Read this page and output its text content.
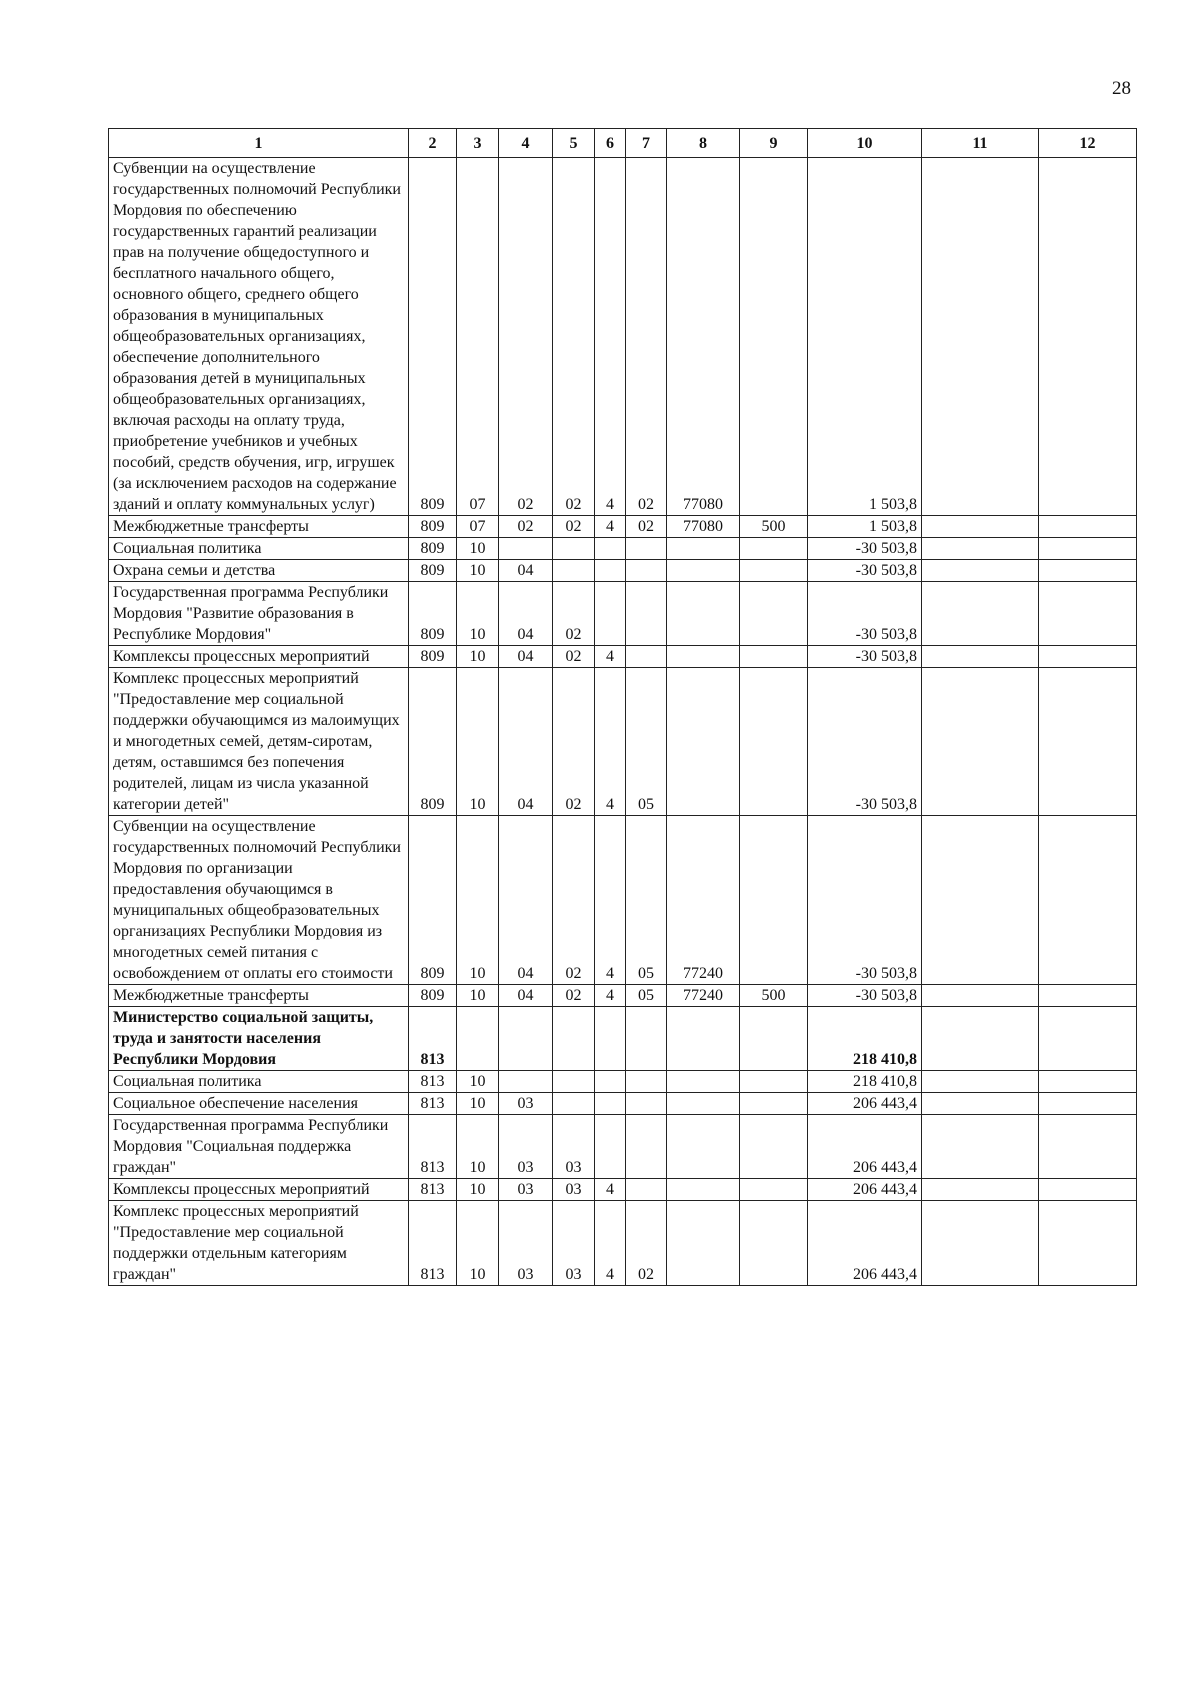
28
1	2	3	4	5	6	7	8	9	10	11	12
Субвенции на осуществление государственных полномочий Республики Мордовия по обеспечению государственных гарантий реализации прав на получение общедоступного и бесплатного начального общего, основного общего, среднего общего образования в муниципальных общеобразовательных организациях, обеспечение дополнительного образования детей в муниципальных общеобразовательных организациях, включая расходы на оплату труда, приобретение учебников и учебных пособий, средств обучения, игр, игрушек (за исключением расходов на содержание зданий и оплату коммунальных услуг)	809	07	02	02	4	02	77080		1 503,8		
Межбюджетные трансферты	809	07	02	02	4	02	77080	500	1 503,8		
Социальная политика	809	10							-30 503,8		
Охрана семьи и детства	809	10	04						-30 503,8		
Государственная программа Республики Мордовия "Развитие образования в Республике Мордовия"	809	10	04	02					-30 503,8		
Комплексы процессных мероприятий	809	10	04	02	4				-30 503,8		
Комплекс процессных мероприятий "Предоставление мер социальной поддержки обучающимся из малоимущих и многодетных семей, детям-сиротам, детям, оставшимся без попечения родителей, лицам из числа указанной категории детей"	809	10	04	02	4	05			-30 503,8		
Субвенции на осуществление государственных полномочий Республики Мордовия по организации предоставления обучающимся в муниципальных общеобразовательных организациях Республики Мордовия из многодетных семей питания с освобождением от оплаты его стоимости	809	10	04	02	4	05	77240		-30 503,8		
Межбюджетные трансферты	809	10	04	02	4	05	77240	500	-30 503,8		
Министерство социальной защиты, труда и занятости населения Республики Мордовия	813								218 410,8		
Социальная политика	813	10							218 410,8		
Социальное обеспечение населения	813	10	03						206 443,4		
Государственная программа Республики Мордовия "Социальная поддержка граждан"	813	10	03	03					206 443,4		
Комплексы процессных мероприятий	813	10	03	03	4				206 443,4		
Комплекс процессных мероприятий "Предоставление мер социальной поддержки отдельным категориям граждан"	813	10	03	03	4	02			206 443,4		
